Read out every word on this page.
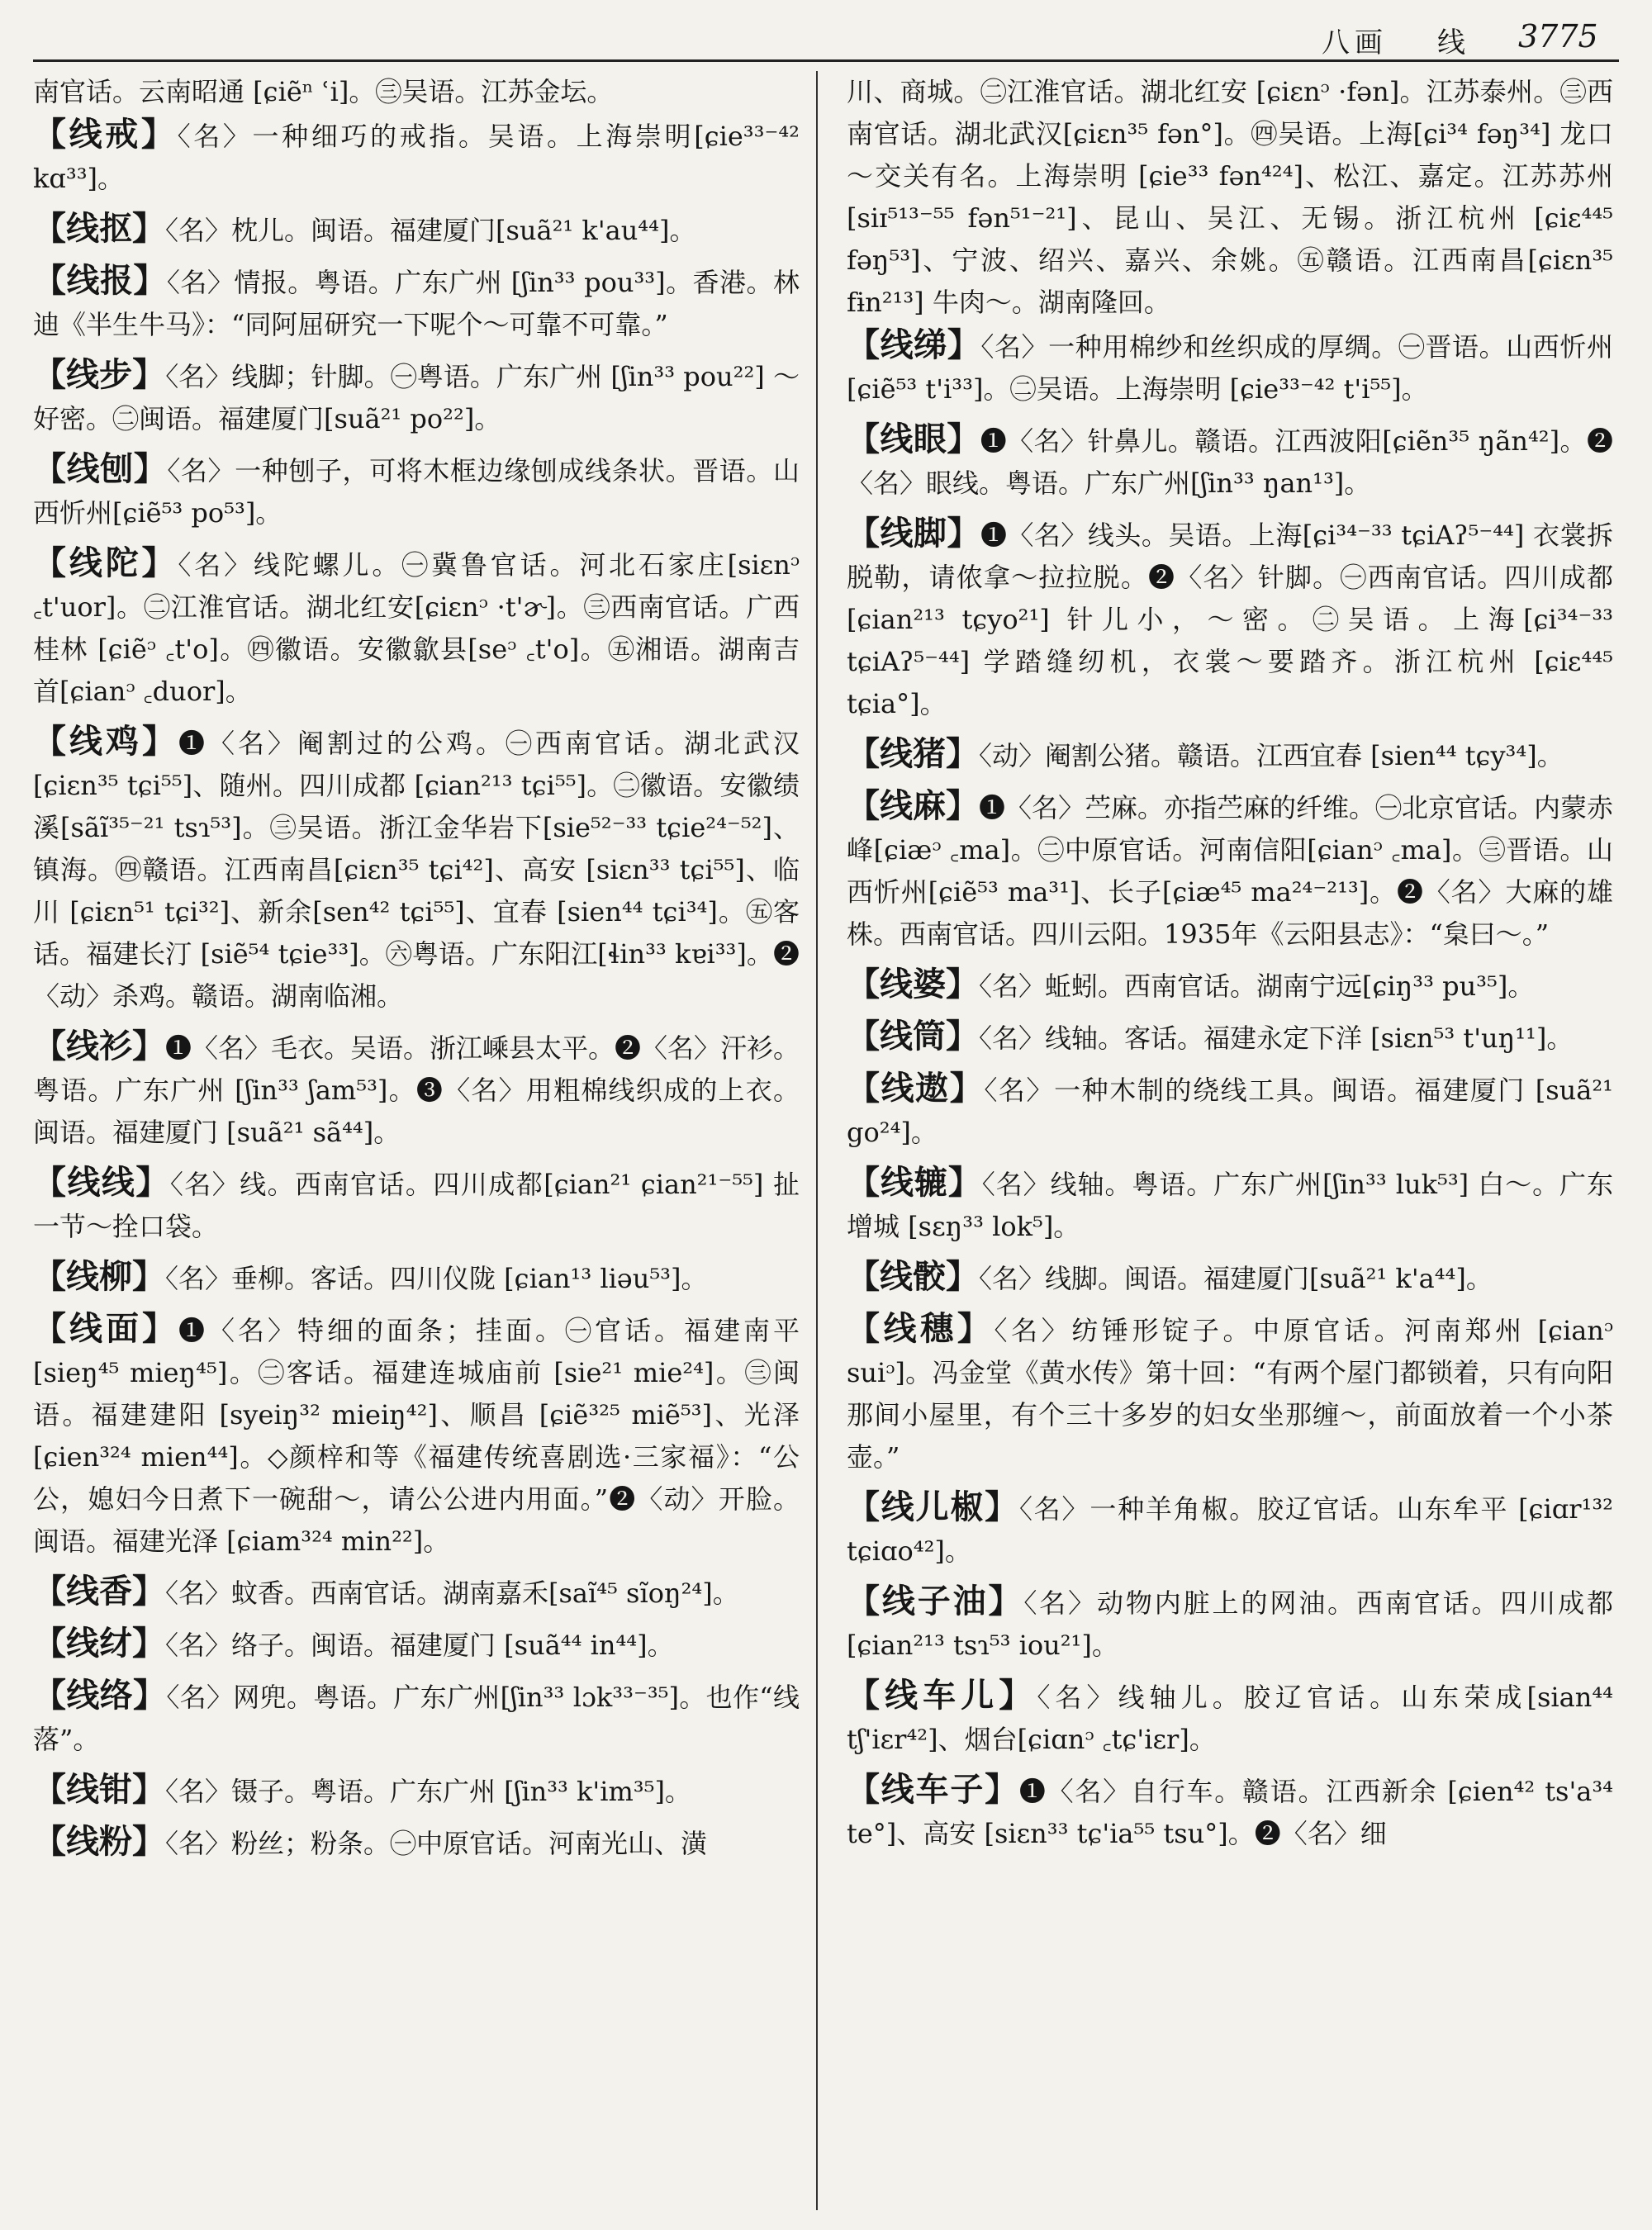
八画 线 3775

南官话。云南昭通 [ɕiẽⁿ ʿi]。㊂吴语。江苏金坛。

【线戒】〈名〉一种细巧的戒指。吴语。上海崇明[ɕie³³⁻⁴² kɑ³³]。

【线抠】〈名〉枕儿。闽语。福建厦门[suã²¹ k'au⁴⁴]。

【线报】〈名〉情报。粤语。广东广州 [ʃin³³ pou³³]。香港。林迪《半生牛马》：“同阿屈研究一下呢个～可靠不可靠。”

【线步】〈名〉线脚；针脚。㊀粤语。广东广州 [ʃin³³ pou²²] ～好密。㊁闽语。福建厦门[suã²¹ po²²]。

【线刨】〈名〉一种刨子，可将木框边缘刨成线条状。晋语。山西忻州[ɕiẽ⁵³ po⁵³]。

【线陀】〈名〉线陀螺儿。㊀冀鲁官话。河北石家庄[siɛnᵓ ꜀t'uor]。㊁江淮官话。湖北红安[ɕiɛnᵓ ·t'ɚ]。㊂西南官话。广西桂林 [ɕiẽᵓ ꜀t'o]。㊃徽语。安徽歙县[seᵓ ꜀t'o]。㊄湘语。湖南吉首[ɕianᵓ ꜀duor]。

【线鸡】❶〈名〉阉割过的公鸡。㊀西南官话。湖北武汉[ɕiɛn³⁵ tɕi⁵⁵]、随州。四川成都 [ɕian²¹³ tɕi⁵⁵]。㊁徽语。安徽绩溪[sãĩ³⁵⁻²¹ tsɿ⁵³]。㊂吴语。浙江金华岩下[sie⁵²⁻³³ tɕie²⁴⁻⁵²]、镇海。㊃赣语。江西南昌[ɕiɛn³⁵ tɕi⁴²]、高安 [siɛn³³ tɕi⁵⁵]、临川 [ɕiɛn⁵¹ tɕi³²]、新余[sen⁴² tɕi⁵⁵]、宜春 [sien⁴⁴ tɕi³⁴]。㊄客话。福建长汀 [siẽ⁵⁴ tɕie³³]。㊅粤语。广东阳江[ɬin³³ kɐi³³]。❷〈动〉杀鸡。赣语。湖南临湘。

【线衫】❶〈名〉毛衣。吴语。浙江嵊县太平。❷〈名〉汗衫。粤语。广东广州 [ʃin³³ ʃam⁵³]。❸〈名〉用粗棉线织成的上衣。闽语。福建厦门 [suã²¹ sã⁴⁴]。

【线线】〈名〉线。西南官话。四川成都[ɕian²¹ ɕian²¹⁻⁵⁵] 扯一节～拴口袋。

【线柳】〈名〉垂柳。客话。四川仪陇 [ɕian¹³ liəu⁵³]。

【线面】❶〈名〉特细的面条；挂面。㊀官话。福建南平 [sieŋ⁴⁵ mieŋ⁴⁵]。㊁客话。福建连城庙前 [sie²¹ mie²⁴]。㊂闽语。福建建阳 [syeiŋ³² mieiŋ⁴²]、顺昌 [ɕiẽ³²⁵ miẽ⁵³]、光泽[ɕien³²⁴ mien⁴⁴]。◇颜梓和等《福建传统喜剧选·三家福》：“公公，媳妇今日煮下一碗甜～，请公公进内用面。”❷〈动〉开脸。闽语。福建光泽 [ɕiam³²⁴ min²²]。

【线香】〈名〉蚊香。西南官话。湖南嘉禾[saĩ⁴⁵ sĩoŋ²⁴]。

【线䌶】〈名〉络子。闽语。福建厦门 [suã⁴⁴ in⁴⁴]。

【线络】〈名〉网兜。粤语。广东广州[ʃin³³ lɔk³³⁻³⁵]。也作“线落”。

【线钳】〈名〉镊子。粤语。广东广州 [ʃin³³ k'im³⁵]。

【线粉】〈名〉粉丝；粉条。㊀中原官话。河南光山、潢

川、商城。㊁江淮官话。湖北红安 [ɕiɛnᵓ ·fən]。江苏泰州。㊂西南官话。湖北武汉[ɕiɛn³⁵ fən°]。㊃吴语。上海[ɕi³⁴ fəŋ³⁴] 龙口～交关有名。上海崇明 [ɕie³³ fən⁴²⁴]、松江、嘉定。江苏苏州 [siɪ⁵¹³⁻⁵⁵ fən⁵¹⁻²¹]、昆山、吴江、无锡。浙江杭州 [ɕiɛ⁴⁴⁵ fəŋ⁵³]、宁波、绍兴、嘉兴、余姚。㊄赣语。江西南昌[ɕiɛn³⁵ fɨn²¹³] 牛肉～。湖南隆回。

【线绨】〈名〉一种用棉纱和丝织成的厚绸。㊀晋语。山西忻州 [ɕiẽ⁵³ t'i³³]。㊁吴语。上海崇明 [ɕie³³⁻⁴² t'i⁵⁵]。

【线眼】❶〈名〉针鼻儿。赣语。江西波阳[ɕiẽn³⁵ ŋãn⁴²]。❷〈名〉眼线。粤语。广东广州[ʃin³³ ŋan¹³]。

【线脚】❶〈名〉线头。吴语。上海[ɕi³⁴⁻³³ tɕiAʔ⁵⁻⁴⁴] 衣裳拆脱勒，请侬拿～拉拉脱。❷〈名〉针脚。㊀西南官话。四川成都 [ɕian²¹³ tɕyo²¹] 针儿小，～密。㊁吴语。上海[ɕi³⁴⁻³³ tɕiAʔ⁵⁻⁴⁴] 学踏缝纫机，衣裳～要踏齐。浙江杭州 [ɕiɛ⁴⁴⁵ tɕia°]。

【线猪】〈动〉阉割公猪。赣语。江西宜春 [sien⁴⁴ tɕy³⁴]。

【线麻】❶〈名〉苎麻。亦指苎麻的纤维。㊀北京官话。内蒙赤峰[ɕiæᵓ ꜀ma]。㊁中原官话。河南信阳[ɕianᵓ ꜀ma]。㊂晋语。山西忻州[ɕiẽ⁵³ ma³¹]、长子[ɕiæ⁴⁵ ma²⁴⁻²¹³]。❷〈名〉大麻的雄株。西南官话。四川云阳。1935年《云阳县志》：“枲曰～。”

【线婆】〈名〉蚯蚓。西南官话。湖南宁远[ɕiŋ³³ pu³⁵]。

【线筒】〈名〉线轴。客话。福建永定下洋 [siɛn⁵³ t'uŋ¹¹]。

【线遨】〈名〉一种木制的绕线工具。闽语。福建厦门 [suã²¹ go²⁴]。

【线辘】〈名〉线轴。粤语。广东广州[ʃin³³ luk⁵³] 白～。广东增城 [sɛŋ³³ lok⁵]。

【线骹】〈名〉线脚。闽语。福建厦门[suã²¹ k'a⁴⁴]。

【线穗】〈名〉纺锤形锭子。中原官话。河南郑州 [ɕianᵓ suiᵓ]。冯金堂《黄水传》第十回：“有两个屋门都锁着，只有向阳那间小屋里，有个三十多岁的妇女坐那缠～，前面放着一个小茶壶。”

【线儿椒】〈名〉一种羊角椒。胶辽官话。山东牟平 [ɕiɑr¹³² tɕiɑo⁴²]。

【线子油】〈名〉动物内脏上的网油。西南官话。四川成都 [ɕian²¹³ tsɿ⁵³ iou²¹]。

【线车儿】〈名〉线轴儿。胶辽官话。山东荣成[sian⁴⁴ tʃ'iɛr⁴²]、烟台[ɕiɑnᵓ ꜀tɕ'iɛr]。

【线车子】❶〈名〉自行车。赣语。江西新余 [ɕien⁴² ts'a³⁴ te°]、高安 [siɛn³³ tɕ'ia⁵⁵ tsu°]。❷〈名〉细
